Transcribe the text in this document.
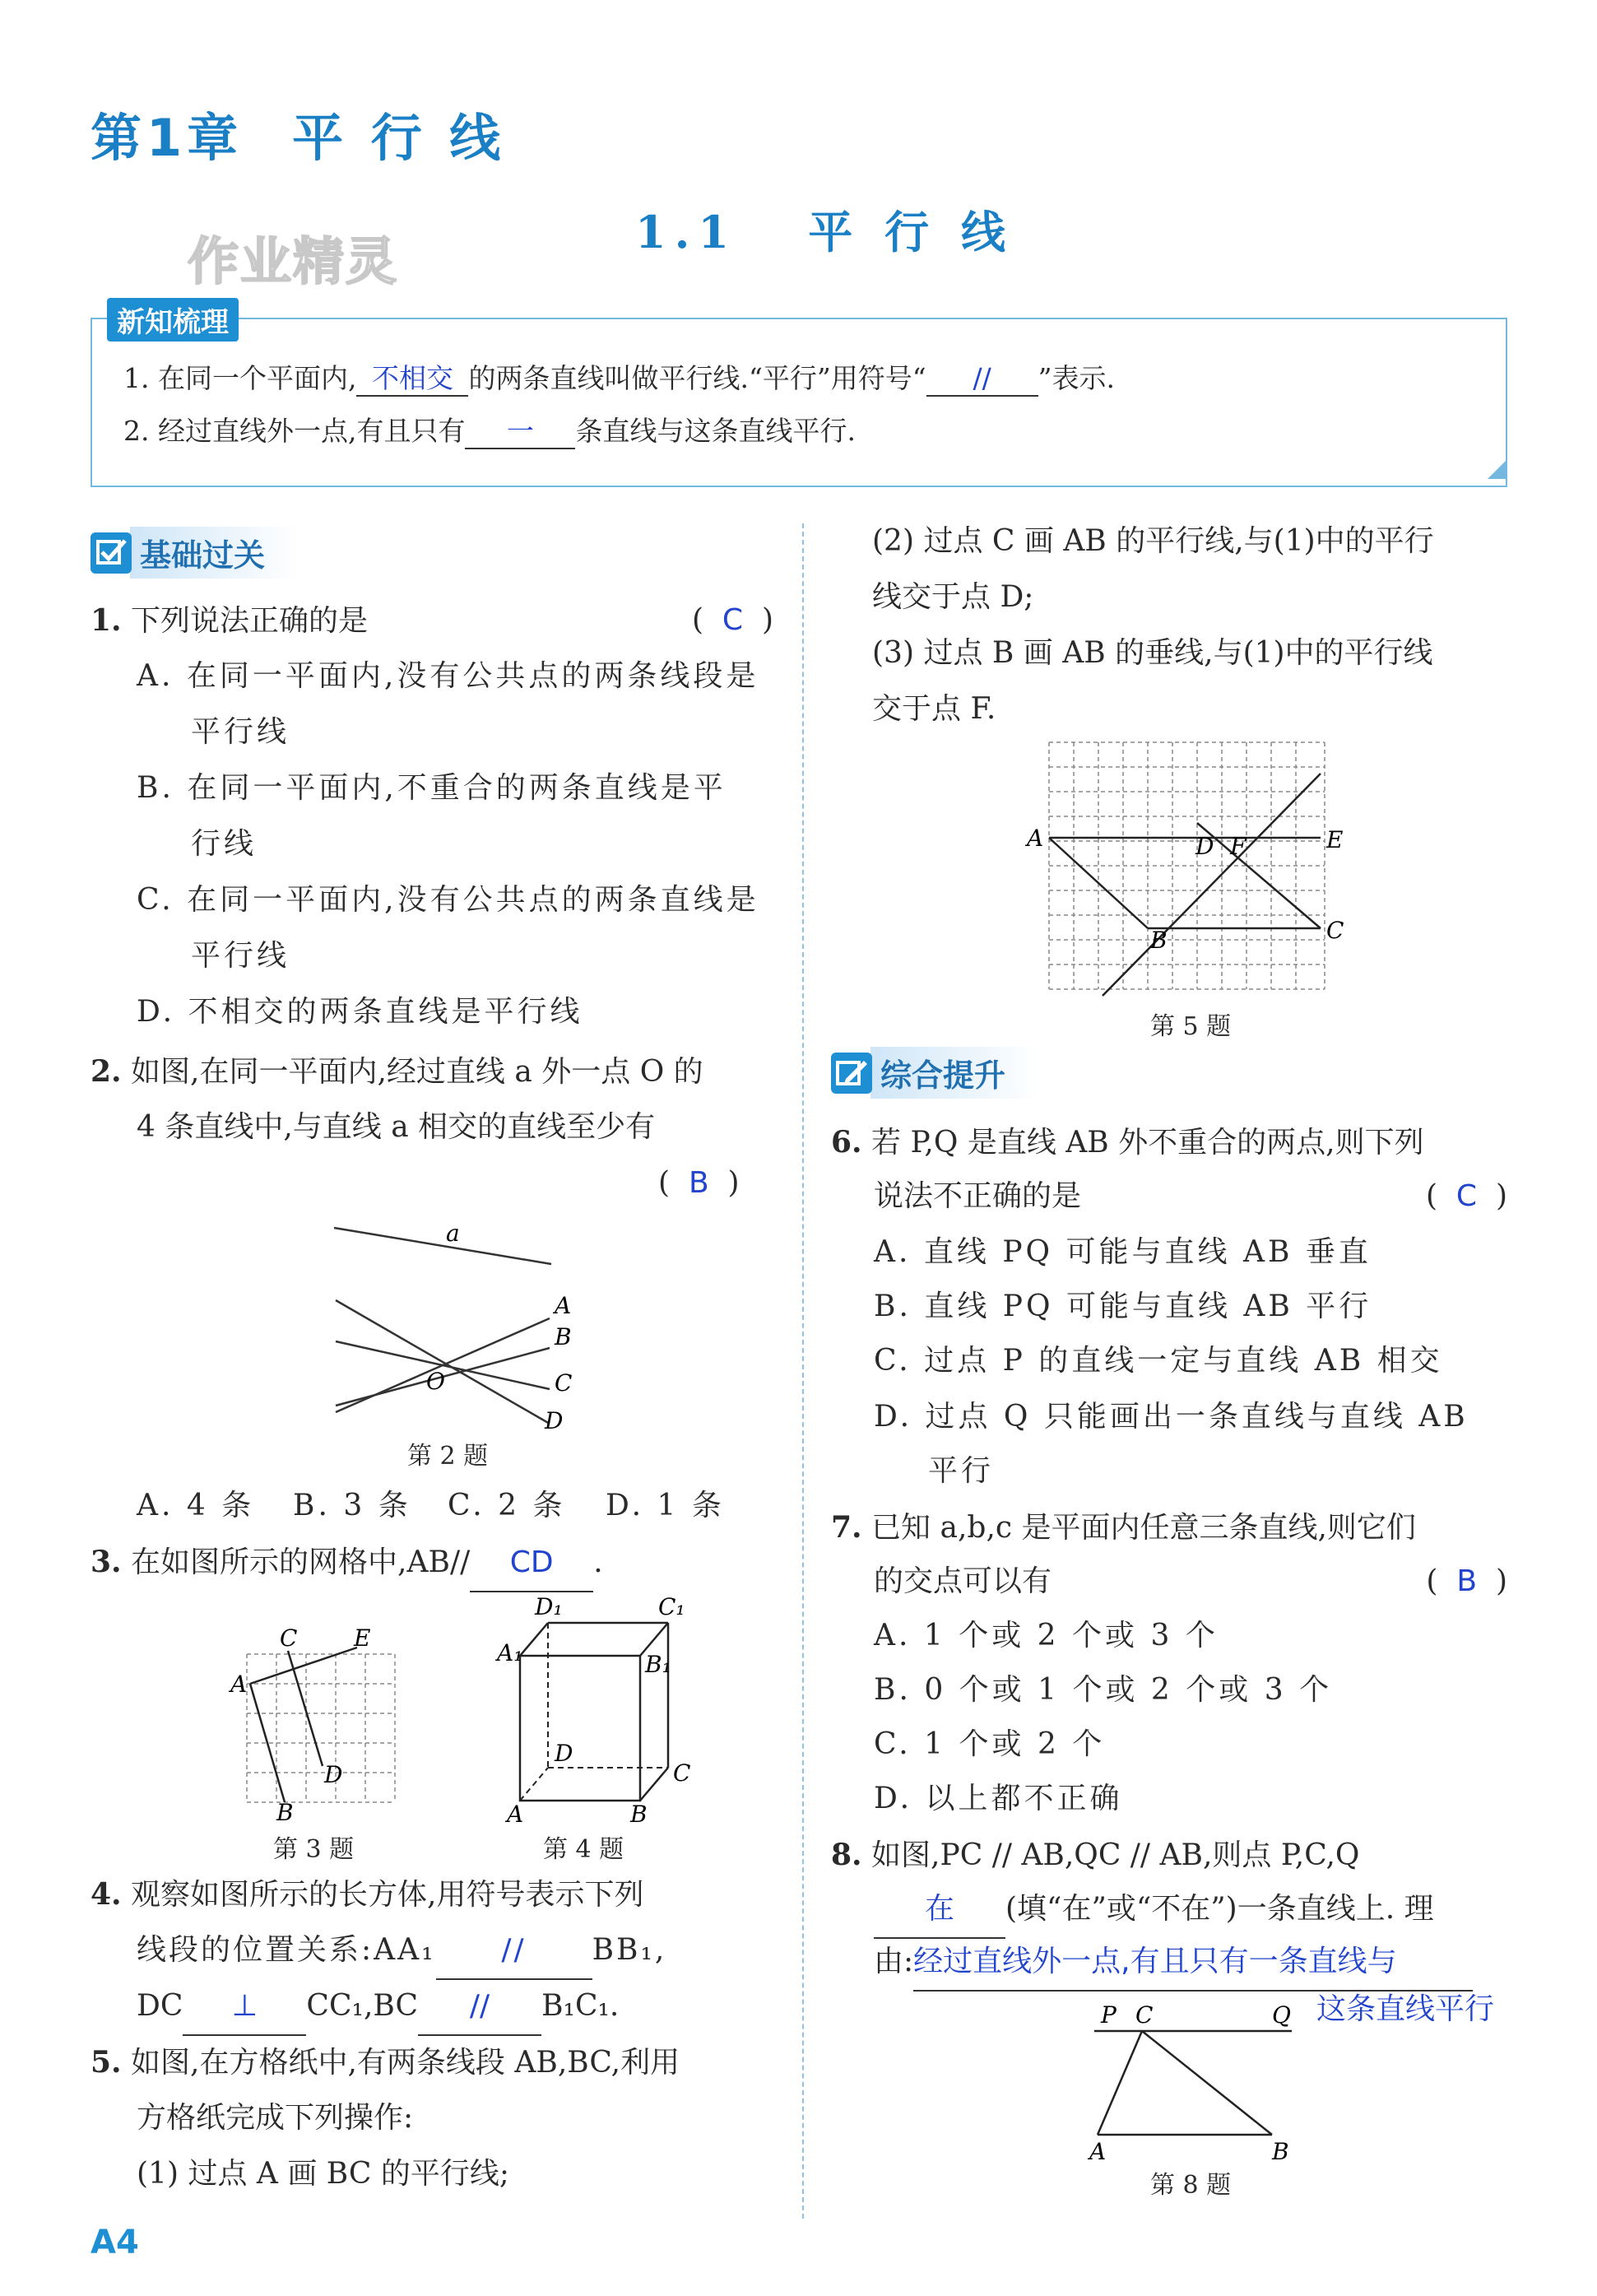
第1章 平 行 线
1.1 平 行 线
作业精灵
新知梳理
1. 在同一个平面内, 不相交 的两条直线叫做平行线.“平行”用符号“ // ”表示.
2. 经过直线外一点,有且只有 一 条直线与这条直线平行.
基础过关
1. 下列说法正确的是	(  C  )
A. 在同一平面内,没有公共点的两条线段是
平行线
B. 在同一平面内,不重合的两条直线是平
行线
C. 在同一平面内,没有公共点的两条直线是
平行线
D. 不相交的两条直线是平行线
2. 如图,在同一平面内,经过直线 a 外一点 O 的
4 条直线中,与直线 a 相交的直线至少有
(  B  )
a
A
B
C
D
O
第 2 题
A. 4 条 B. 3 条 C. 2 条 D. 1 条
3. 在如图所示的网格中,AB// CD .
A
B
C
D
E
第 3 题
D₁	C₁
A₁	B₁
D
C
A	B
第 4 题
4. 观察如图所示的长方体,用符号表示下列
线段的位置关系:AA₁ // BB₁,
DC ⊥ CC₁,BC // B₁C₁.
5. 如图,在方格纸中,有两条线段 AB,BC,利用
方格纸完成下列操作:
(1) 过点 A 画 BC 的平行线;
(2) 过点 C 画 AB 的平行线,与(1)中的平行
线交于点 D;
(3) 过点 B 画 AB 的垂线,与(1)中的平行线
交于点 F.
A	E
D F
B	C
第 5 题
综合提升
6. 若 P,Q 是直线 AB 外不重合的两点,则下列
说法不正确的是	(  C  )
A. 直线 PQ 可能与直线 AB 垂直
B. 直线 PQ 可能与直线 AB 平行
C. 过点 P 的直线一定与直线 AB 相交
D. 过点 Q 只能画出一条直线与直线 AB
平行
7. 已知 a,b,c 是平面内任意三条直线,则它们
的交点可以有	(  B  )
A. 1 个或 2 个或 3 个
B. 0 个或 1 个或 2 个或 3 个
C. 1 个或 2 个
D. 以上都不正确
8. 如图,PC // AB,QC // AB,则点 P,C,Q
在 (填“在”或“不在”)一条直线上. 理
由:经过直线外一点,有且只有一条直线与
这条直线平行
P C	Q
A	B
第 8 题
A4
